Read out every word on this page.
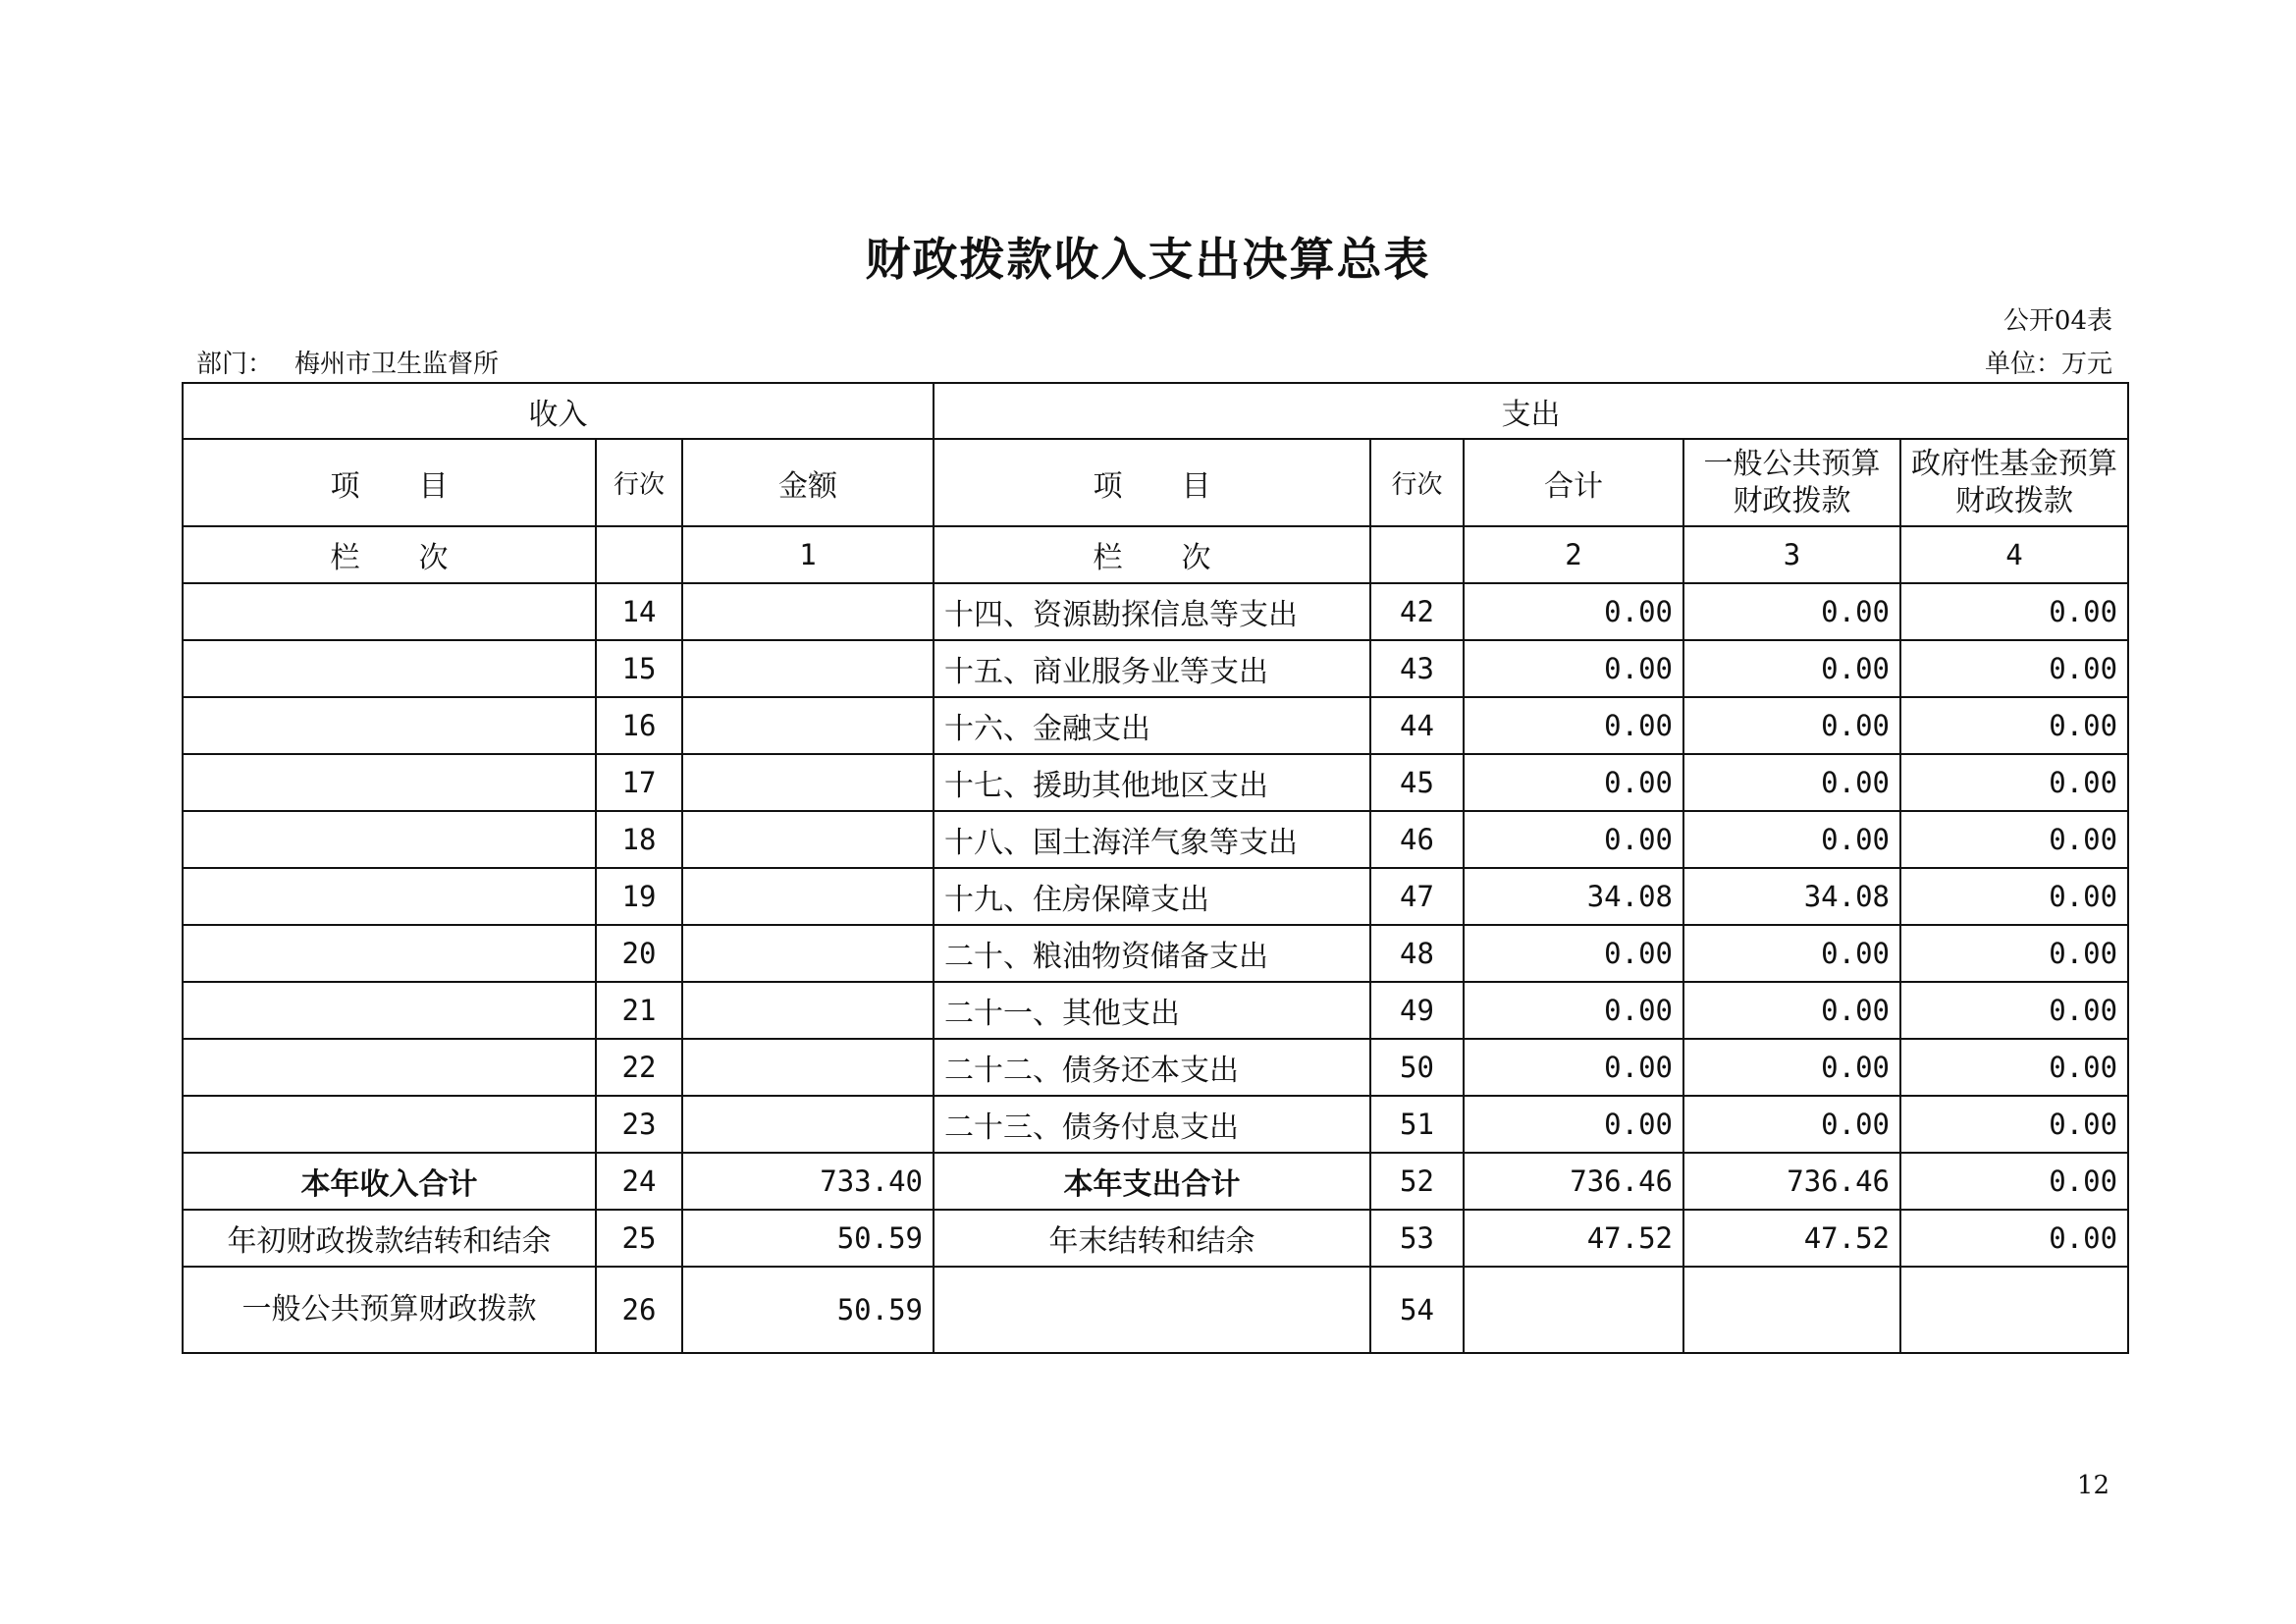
财政拨款收入支出决算总表
公开04表
部门： 梅州市卫生监督所	单位：万元
收入			支出				
项　　目	行次	金额	项　　目	行次	合计	一般公共预算财政拨款	政府性基金预算财政拨款
栏　　次		1	栏　　次		2	3	4
	14		十四、资源勘探信息等支出	42	0.00	0.00	0.00
	15		十五、商业服务业等支出	43	0.00	0.00	0.00
	16		十六、金融支出	44	0.00	0.00	0.00
	17		十七、援助其他地区支出	45	0.00	0.00	0.00
	18		十八、国土海洋气象等支出	46	0.00	0.00	0.00
	19		十九、住房保障支出	47	34.08	34.08	0.00
	20		二十、粮油物资储备支出	48	0.00	0.00	0.00
	21		二十一、其他支出	49	0.00	0.00	0.00
	22		二十二、债务还本支出	50	0.00	0.00	0.00
	23		二十三、债务付息支出	51	0.00	0.00	0.00
本年收入合计	24	733.40	本年支出合计	52	736.46	736.46	0.00
年初财政拨款结转和结余	25	50.59	年末结转和结余	53	47.52	47.52	0.00
一般公共预算财政拨款	26	50.59		54			
12
